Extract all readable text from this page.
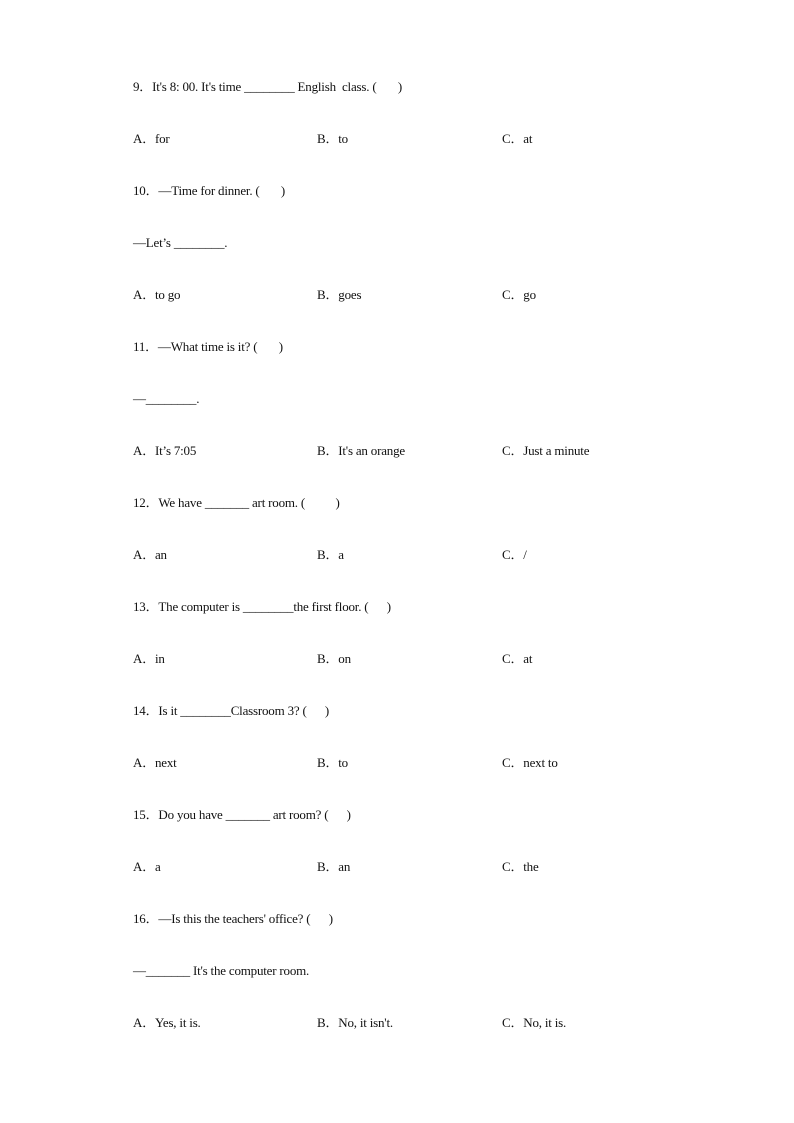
9．It's 8: 00. It's time ________ English  class. (       )
A．for	B．to	C．at
10．—Time for dinner. (       )
—Let’s ________.
A．to go	B．goes	C．go
11．—What time is it? (       )
—________.
A．It’s 7:05	B．It's an orange	C．Just a minute
12．We have _______ art room. (          )
A．an	B．a	C．/
13．The computer is ________the first floor. (      )
A．in	B．on	C．at
14．Is it ________Classroom 3? (      )
A．next	B．to	C．next to
15．Do you have _______ art room? (      )
A．a	B．an	C．the
16．—Is this the teachers' office? (      )
—_______ It's the computer room.
A．Yes, it is.	B．No, it isn't.	C．No, it is.
